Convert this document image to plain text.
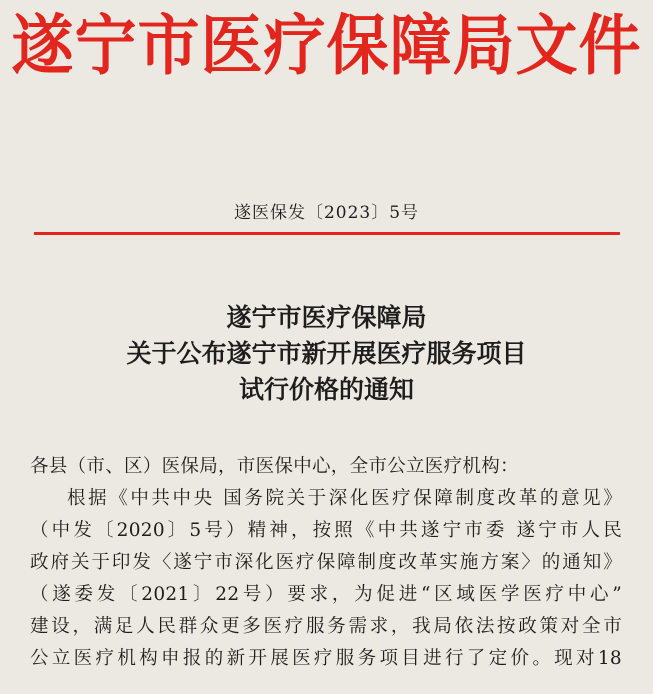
遂宁市医疗保障局文件
遂医保发〔2023〕5号
遂宁市医疗保障局
关于公布遂宁市新开展医疗服务项目
试行价格的通知
各县（市、区）医保局，市医保中心，全市公立医疗机构：
根据《中共中央 国务院关于深化医疗保障制度改革的意见》
（中发〔2020〕5号）精神，按照《中共遂宁市委 遂宁市人民
政府关于印发〈遂宁市深化医疗保障制度改革实施方案〉的通知》
（遂委发〔2021〕22号）要求，为促进“区域医学医疗中心”
建设，满足人民群众更多医疗服务需求，我局依法按政策对全市
公立医疗机构申报的新开展医疗服务项目进行了定价。现对18
